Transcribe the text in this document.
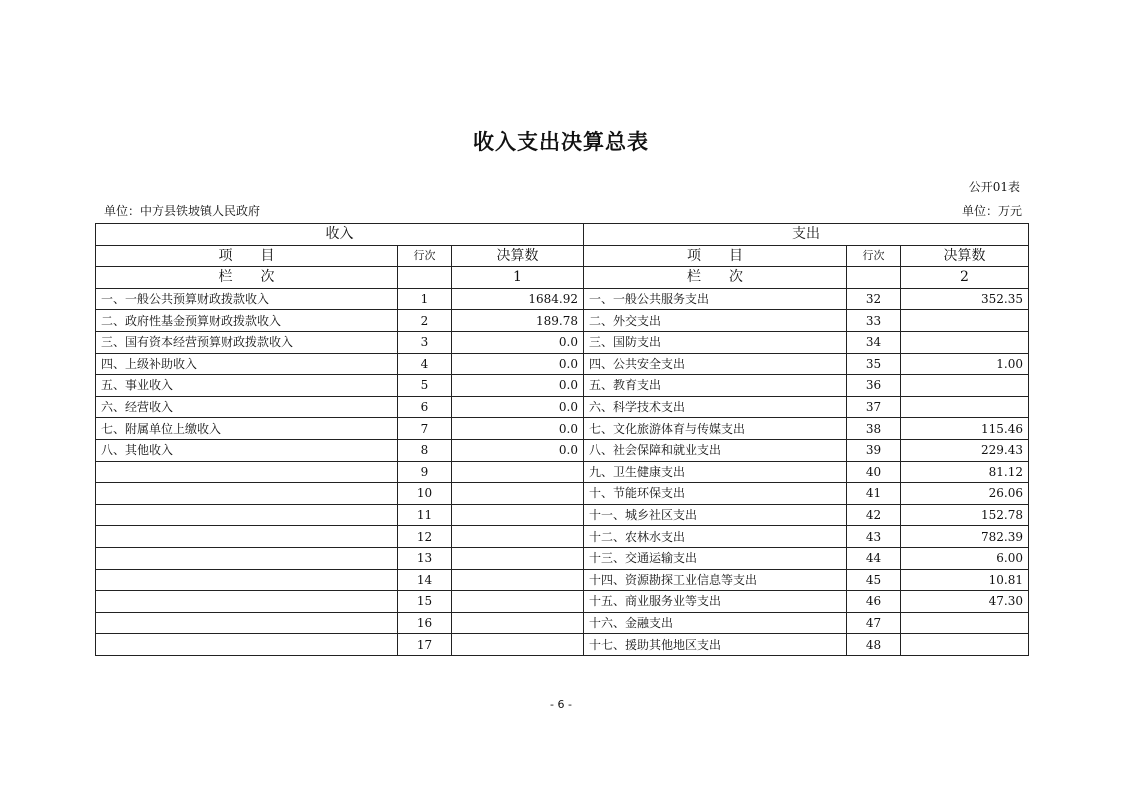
收入支出决算总表
公开01表
单位：中方县铁坡镇人民政府	单位：万元
收入			支出		
项　　目	行次	决算数	项　　目	行次	决算数
栏　　次		1	栏　　次		2
一、一般公共预算财政拨款收入	1	1684.92	一、一般公共服务支出	32	352.35
二、政府性基金预算财政拨款收入	2	189.78	二、外交支出	33	
三、国有资本经营预算财政拨款收入	3	0.0	三、国防支出	34	
四、上级补助收入	4	0.0	四、公共安全支出	35	1.00
五、事业收入	5	0.0	五、教育支出	36	
六、经营收入	6	0.0	六、科学技术支出	37	
七、附属单位上缴收入	7	0.0	七、文化旅游体育与传媒支出	38	115.46
八、其他收入	8	0.0	八、社会保障和就业支出	39	229.43
	9		九、卫生健康支出	40	81.12
	10		十、节能环保支出	41	26.06
	11		十一、城乡社区支出	42	152.78
	12		十二、农林水支出	43	782.39
	13		十三、交通运输支出	44	6.00
	14		十四、资源勘探工业信息等支出	45	10.81
	15		十五、商业服务业等支出	46	47.30
	16		十六、金融支出	47	
	17		十七、援助其他地区支出	48	
- 6 -
